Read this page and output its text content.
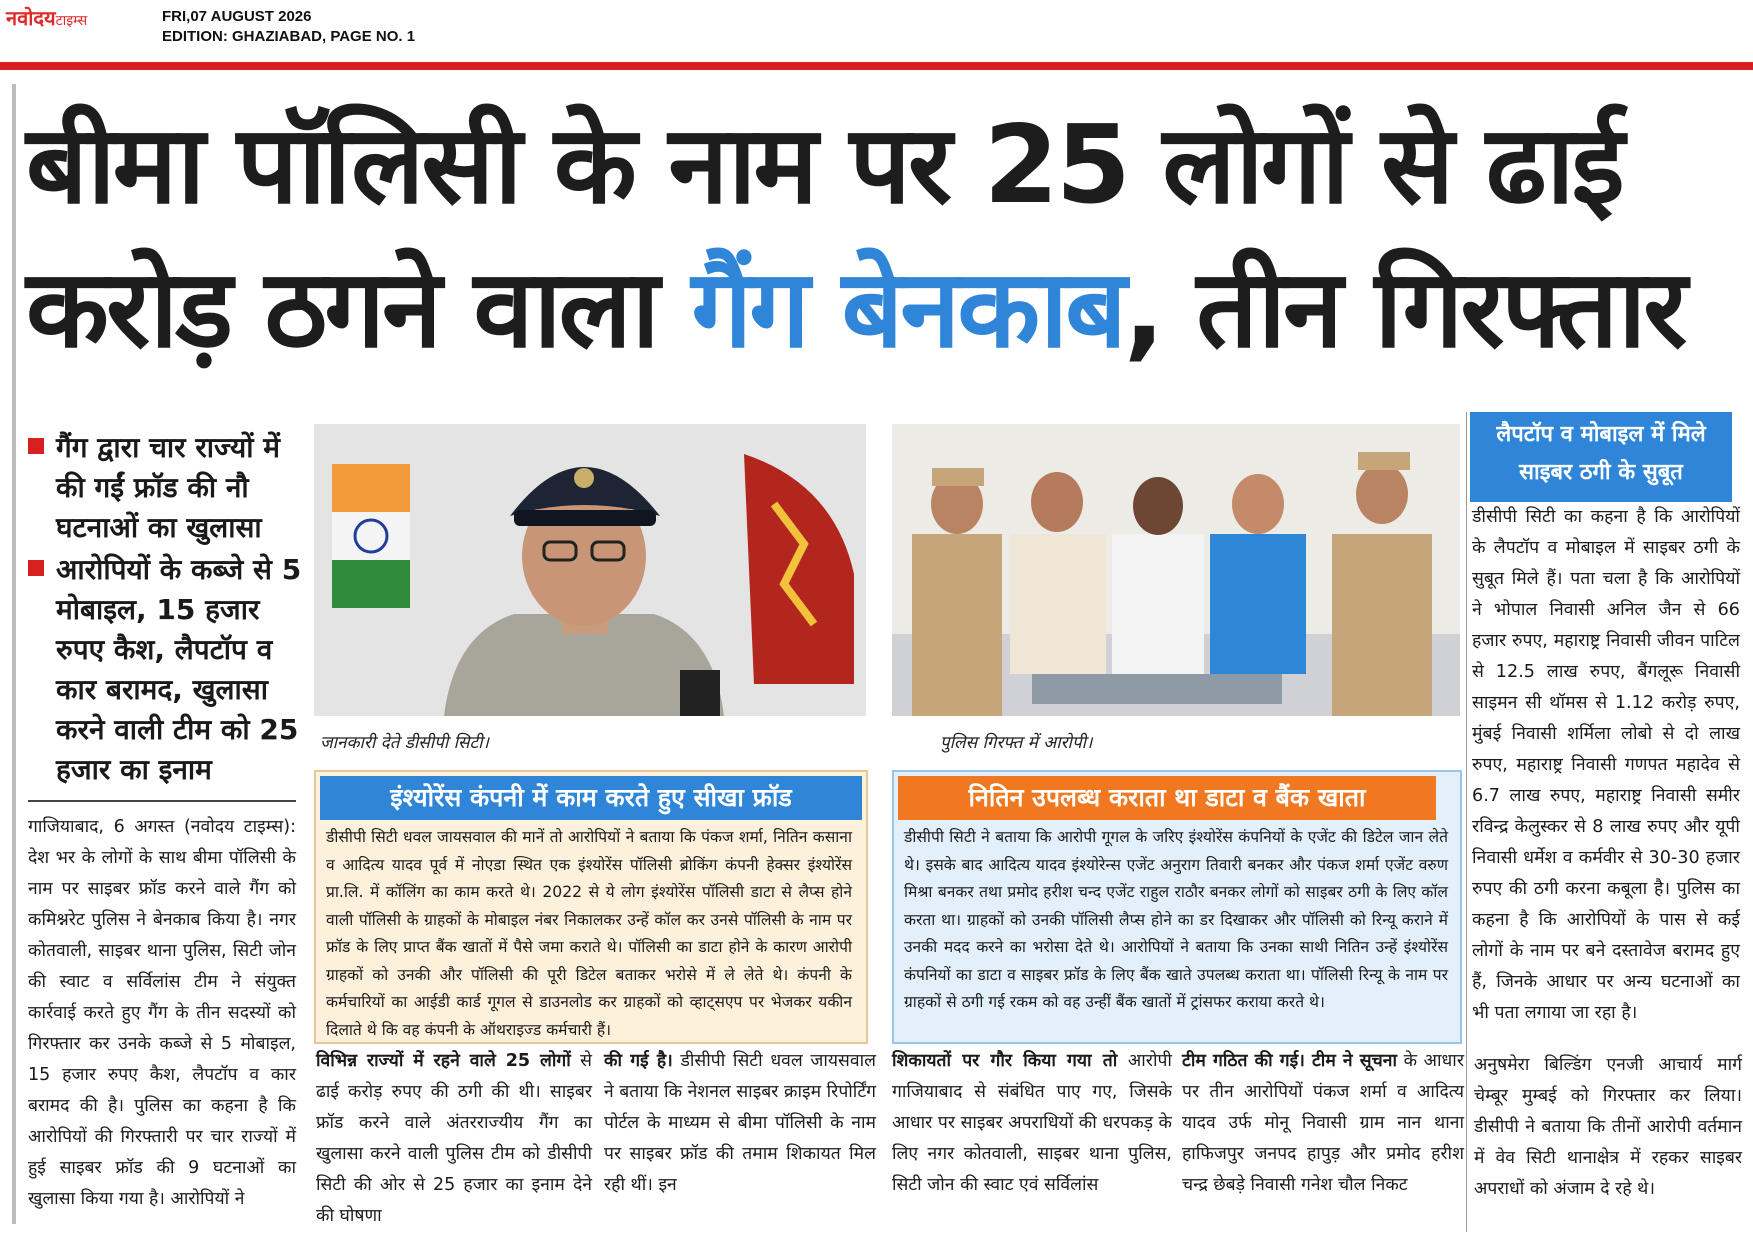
नवोदयटाइम्स	FRI,07 AUGUST 2026
EDITION: GHAZIABAD, PAGE NO. 1
बीमा पॉलिसी के नाम पर 25 लोगों से ढाई
करोड़ ठगने वाला गैंग बेनकाब, तीन गिरफ्तार
गैंग द्वारा चार राज्यों में की गईं फ्रॉड की नौ घटनाओं का खुलासा
आरोपियों के कब्जे से 5 मोबाइल, 15 हजार रुपए कैश, लैपटॉप व कार बरामद, खुलासा करने वाली टीम को 25 हजार का इनाम
गाजियाबाद, 6 अगस्त (नवोदय टाइम्स): देश भर के लोगों के साथ बीमा पॉलिसी के नाम पर साइबर फ्रॉड करने वाले गैंग को कमिश्नरेट पुलिस ने बेनकाब किया है। नगर कोतवाली, साइबर थाना पुलिस, सिटी जोन की स्वाट व सर्विलांस टीम ने संयुक्त कार्रवाई करते हुए गैंग के तीन सदस्यों को गिरफ्तार कर उनके कब्जे से 5 मोबाइल, 15 हजार रुपए कैश, लैपटॉप व कार बरामद की है। पुलिस का कहना है कि आरोपियों की गिरफ्तारी पर चार राज्यों में हुई साइबर फ्रॉड की 9 घटनाओं का खुलासा किया गया है। आरोपियों ने
जानकारी देते डीसीपी सिटी।	पुलिस गिरफ्त में आरोपी।
इंश्योरेंस कंपनी में काम करते हुए सीखा फ्रॉड
डीसीपी सिटी धवल जायसवाल की मानें तो आरोपियों ने बताया कि पंकज शर्मा, नितिन कसाना व आदित्य यादव पूर्व में नोएडा स्थित एक इंश्योरेंस पॉलिसी ब्रोकिंग कंपनी हेक्सर इंश्योरेंस प्रा.लि. में कॉलिंग का काम करते थे। 2022 से ये लोग इंश्योरेंस पॉलिसी डाटा से लैप्स होने वाली पॉलिसी के ग्राहकों के मोबाइल नंबर निकालकर उन्हें कॉल कर उनसे पॉलिसी के नाम पर फ्रॉड के लिए प्राप्त बैंक खातों में पैसे जमा कराते थे। पॉलिसी का डाटा होने के कारण आरोपी ग्राहकों को उनकी और पॉलिसी की पूरी डिटेल बताकर भरोसे में ले लेते थे। कंपनी के कर्मचारियों का आईडी कार्ड गूगल से डाउनलोड कर ग्राहकों को व्हाट्सएप पर भेजकर यकीन दिलाते थे कि वह कंपनी के ऑथराइज्ड कर्मचारी हैं।
नितिन उपलब्ध कराता था डाटा व बैंक खाता
डीसीपी सिटी ने बताया कि आरोपी गूगल के जरिए इंश्योरेंस कंपनियों के एजेंट की डिटेल जान लेते थे। इसके बाद आदित्य यादव इंश्योरेन्स एजेंट अनुराग तिवारी बनकर और पंकज शर्मा एजेंट वरुण मिश्रा बनकर तथा प्रमोद हरीश चन्द एजेंट राहुल राठौर बनकर लोगों को साइबर ठगी के लिए कॉल करता था। ग्राहकों को उनकी पॉलिसी लैप्स होने का डर दिखाकर और पॉलिसी को रिन्यू कराने में उनकी मदद करने का भरोसा देते थे। आरोपियों ने बताया कि उनका साथी नितिन उन्हें इंश्योरेंस कंपनियों का डाटा व साइबर फ्रॉड के लिए बैंक खाते उपलब्ध कराता था। पॉलिसी रिन्यू के नाम पर ग्राहकों से ठगी गई रकम को वह उन्हीं बैंक खातों में ट्रांसफर कराया करते थे।
विभिन्न राज्यों में रहने वाले 25 लोगों से ढाई करोड़ रुपए की ठगी की थी। साइबर फ्रॉड करने वाले अंतरराज्यीय गैंग का खुलासा करने वाली पुलिस टीम को डीसीपी सिटी की ओर से 25 हजार का इनाम देने की घोषणा
की गई है। डीसीपी सिटी धवल जायसवाल ने बताया कि नेशनल साइबर क्राइम रिपोर्टिंग पोर्टल के माध्यम से बीमा पॉलिसी के नाम पर साइबर फ्रॉड की तमाम शिकायत मिल रही थीं। इन
शिकायतों पर गौर किया गया तो आरोपी गाजियाबाद से संबंधित पाए गए, जिसके आधार पर साइबर अपराधियों की धरपकड़ के लिए नगर कोतवाली, साइबर थाना पुलिस, सिटी जोन की स्वाट एवं सर्विलांस
टीम गठित की गई। टीम ने सूचना के आधार पर तीन आरोपियों पंकज शर्मा व आदित्य यादव उर्फ मोनू निवासी ग्राम नान थाना हाफिजपुर जनपद हापुड़ और प्रमोद हरीश चन्द्र छेबड़े निवासी गनेश चौल निकट
लैपटॉप व मोबाइल में मिले साइबर ठगी के सुबूत
डीसीपी सिटी का कहना है कि आरोपियों के लैपटॉप व मोबाइल में साइबर ठगी के सुबूत मिले हैं। पता चला है कि आरोपियों ने भोपाल निवासी अनिल जैन से 66 हजार रुपए, महाराष्ट्र निवासी जीवन पाटिल से 12.5 लाख रुपए, बैंगलूरू निवासी साइमन सी थॉमस से 1.12 करोड़ रुपए, मुंबई निवासी शर्मिला लोबो से दो लाख रुपए, महाराष्ट्र निवासी गणपत महादेव से 6.7 लाख रुपए, महाराष्ट्र निवासी समीर रविन्द्र केलुस्कर से 8 लाख रुपए और यूपी निवासी धर्मेश व कर्मवीर से 30-30 हजार रुपए की ठगी करना कबूला है। पुलिस का कहना है कि आरोपियों के पास से कई लोगों के नाम पर बने दस्तावेज बरामद हुए हैं, जिनके आधार पर अन्य घटनाओं का भी पता लगाया जा रहा है।
अनुषमेरा बिल्डिंग एनजी आचार्य मार्ग चेम्बूर मुम्बई को गिरफ्तार कर लिया। डीसीपी ने बताया कि तीनों आरोपी वर्तमान में वेव सिटी थानाक्षेत्र में रहकर साइबर अपराधों को अंजाम दे रहे थे।
